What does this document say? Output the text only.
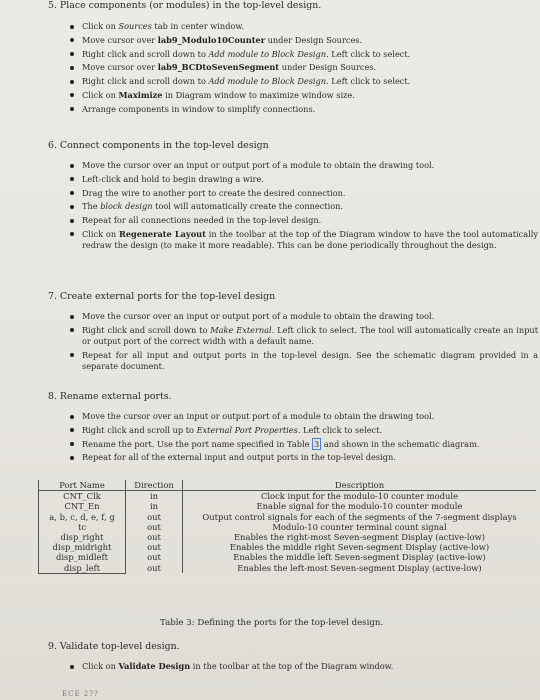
5. Place components (or modules) in the top-level design.
Click on Sources tab in center window.
Move cursor over lab9_Modulo10Counter under Design Sources.
Right click and scroll down to Add module to Block Design. Left click to select.
Move cursor over lab9_BCDtoSevenSegment under Design Sources.
Right click and scroll down to Add module to Block Design. Left click to select.
Click on Maximize in Diagram window to maximize window size.
Arrange components in window to simplify connections.
6. Connect components in the top-level design
Move the cursor over an input or output port of a module to obtain the drawing tool.
Left-click and hold to begin drawing a wire.
Drag the wire to another port to create the desired connection.
The block design tool will automatically create the connection.
Repeat for all connections needed in the top-level design.
Click on Regenerate Layout in the toolbar at the top of the Diagram window to have the tool automatically redraw the design (to make it more readable). This can be done periodically throughout the design.
7. Create external ports for the top-level design
Move the cursor over an input or output port of a module to obtain the drawing tool.
Right click and scroll down to Make External. Left click to select. The tool will automatically create an input or output port of the correct width with a default name.
Repeat for all input and output ports in the top-level design. See the schematic diagram provided in a separate document.
8. Rename external ports.
Move the cursor over an input or output port of a module to obtain the drawing tool.
Right click and scroll up to External Port Properties. Left click to select.
Rename the port. Use the port name specified in Table 3 and shown in the schematic diagram.
Repeat for all of the external input and output ports in the top-level design.
Port Name	Direction	Description
CNT_Clk	in	Clock input for the modulo-10 counter module
CNT_En	in	Enable signal for the modulo-10 counter module
a, b, c, d, e, f, g	out	Output control signals for each of the segments of the 7-segment displays
tc	out	Modulo-10 counter terminal count signal
disp_right	out	Enables the right-most Seven-segment Display (active-low)
disp_midright	out	Enables the middle right Seven-segment Display (active-low)
disp_midleft	out	Enables the middle left Seven-segment Display (active-low)
disp_left	out	Enables the left-most Seven-segment Display (active-low)
Table 3: Defining the ports for the top-level design.
9. Validate top-level design.
Click on Validate Design in the toolbar at the top of the Diagram window.
ECE 2??
